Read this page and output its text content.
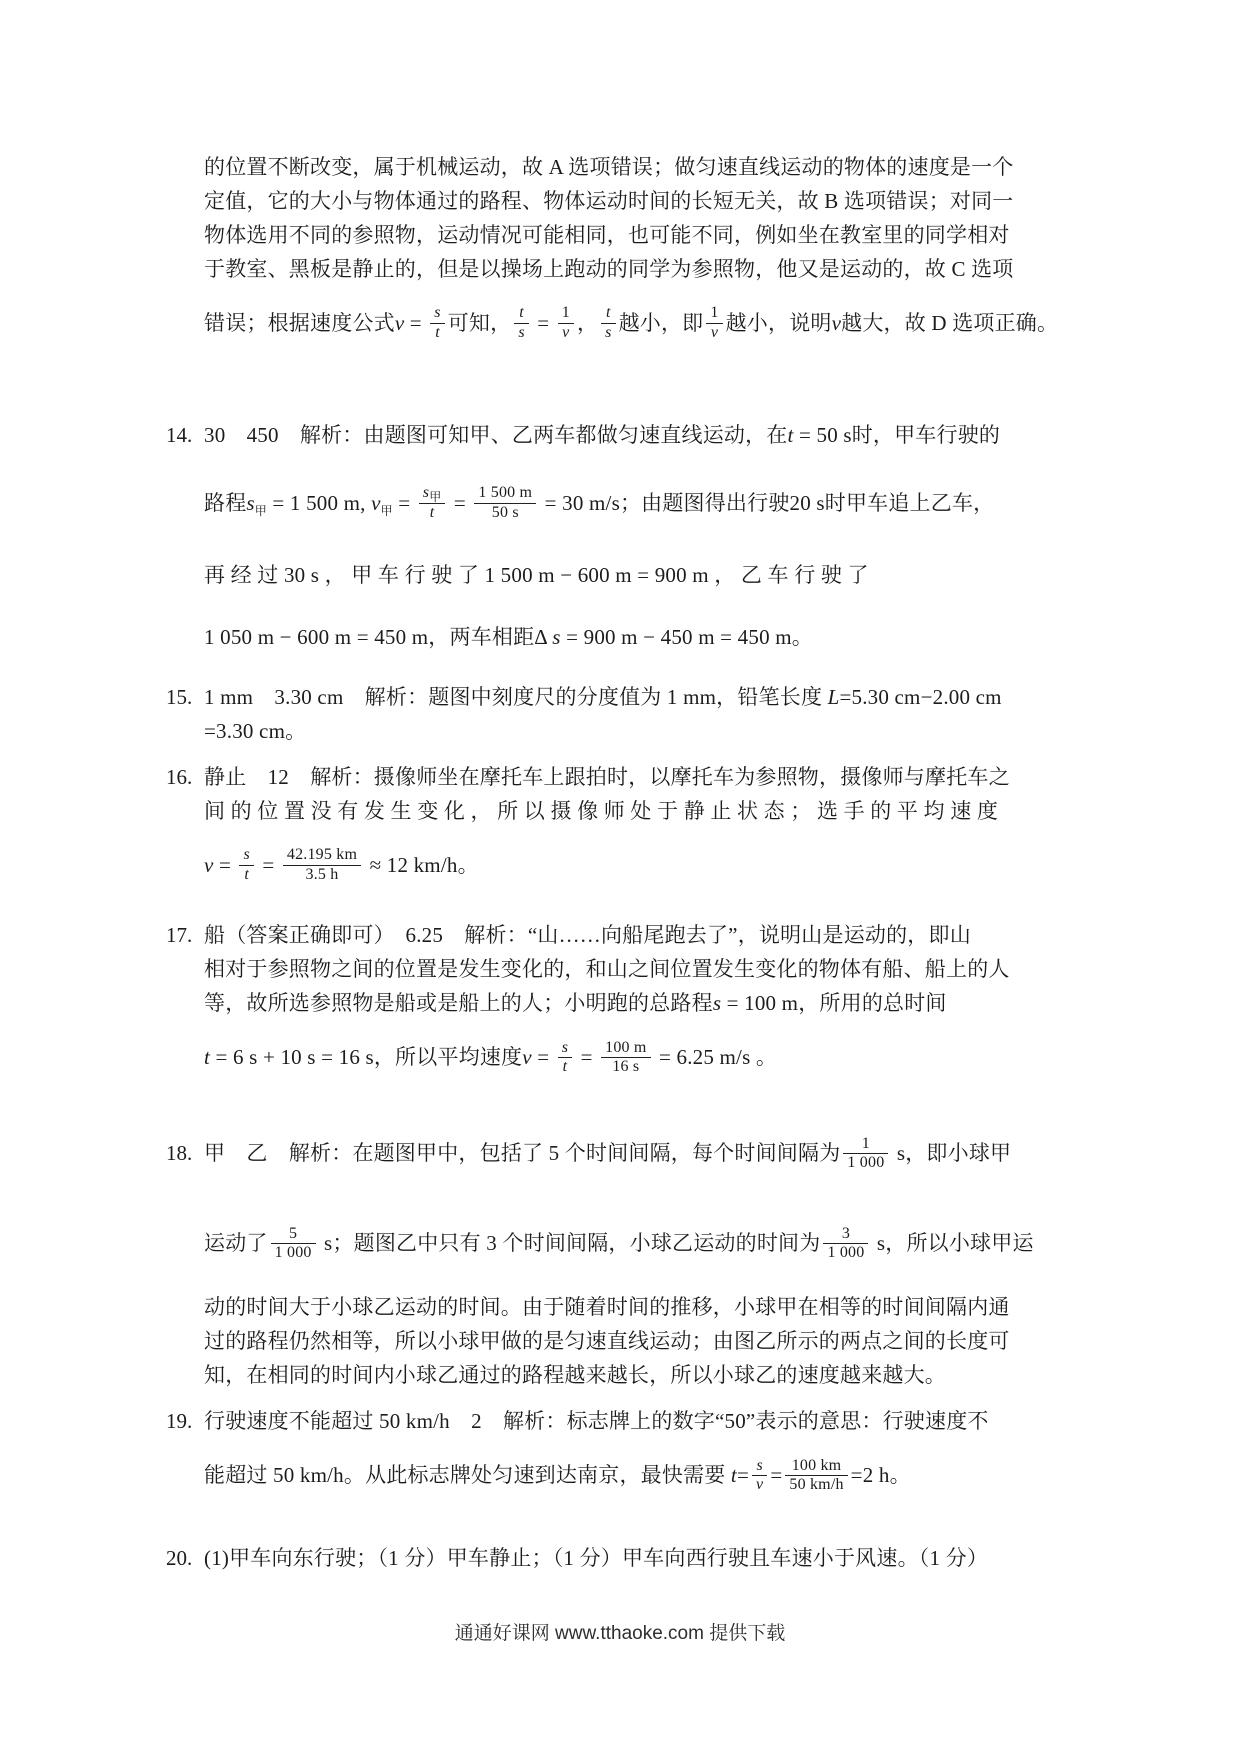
的位置不断改变，属于机械运动，故 A 选项错误；做匀速直线运动的物体的速度是一个
定值，它的大小与物体通过的路程、物体运动时间的长短无关，故 B 选项错误；对同一
物体选用不同的参照物，运动情况可能相同，也可能不同，例如坐在教室里的同学相对
于教室、黑板是静止的，但是以操场上跑动的同学为参照物，他又是运动的，故 C 选项
错误；根据速度公式$v = \frac{s}{t}$ 可知， $\frac{t}{s} = \frac{1}{v}$ ， $\frac{t}{s}$ 越小，即 $\frac{1}{v}$ 越小，说明v越大，故 D 选项正确。
14. 30　450　解析：由题图可知甲、乙两车都做匀速直线运动，在t = 50 s时，甲车行驶的
路程$s_甲 = 1$ 500 m, $v_甲 = \frac{s_甲}{t} = \frac{1 500 m}{50 s} = 30$ m/s；由题图得出行驶20 s时甲车追上乙车，
再 经 过 30 s ， 甲 车 行 驶 了 1 500 m − 600 m = 900 m ， 乙 车 行 驶 了
1 050 m − 600 m = 450 m，两车相距Δ s = 900 m − 450 m = 450 m。
15. 1 mm　3.30 cm　解析：题图中刻度尺的分度值为 1 mm，铅笔长度 L=5.30 cm−2.00 cm
=3.30 cm。
16. 静止　12　解析：摄像师坐在摩托车上跟拍时，以摩托车为参照物，摄像师与摩托车之
间 的 位 置 没 有 发 生 变 化 ， 所 以 摄 像 师 处 于 静 止 状 态 ； 选 手 的 平 均 速 度
$v = \frac{s}{t} = \frac{42.195 km}{3.5 h} \approx 12$ km/h。
17. 船（答案正确即可）　6.25　解析：“山……向船尾跑去了”，说明山是运动的，即山
相对于参照物之间的位置是发生变化的，和山之间位置发生变化的物体有船、船上的人
等，故所选参照物是船或是船上的人；小明跑的总路程s = 100 m，所用的总时间
t = 6 s + 10 s = 16 s，所以平均速度$v = \frac{s}{t} = \frac{100 m}{16 s} = 6.25$ m/s 。
18. 甲　乙　解析：在题图甲中，包括了 5 个时间间隔，每个时间间隔为 $\frac{1}{1 000}$ s，即小球甲
运动了 $\frac{5}{1 000}$ s；题图乙中只有 3 个时间间隔，小球乙运动的时间为 $\frac{3}{1 000}$ s，所以小球甲运
动的时间大于小球乙运动的时间。由于随着时间的推移，小球甲在相等的时间间隔内通
过的路程仍然相等，所以小球甲做的是匀速直线运动；由图乙所示的两点之间的长度可
知，在相同的时间内小球乙通过的路程越来越长，所以小球乙的速度越来越大。
19. 行驶速度不能超过 50 km/h　2　解析：标志牌上的数字“50”表示的意思：行驶速度不
能超过 50 km/h。从此标志牌处匀速到达南京，最快需要 $t= \frac{s}{v} = \frac{100 km}{50 km/h} =2$ h。
20. (1)甲车向东行驶；（1 分）甲车静止；（1 分）甲车向西行驶且车速小于风速。（1 分）
通通好课网 www.tthaoke.com 提供下载
